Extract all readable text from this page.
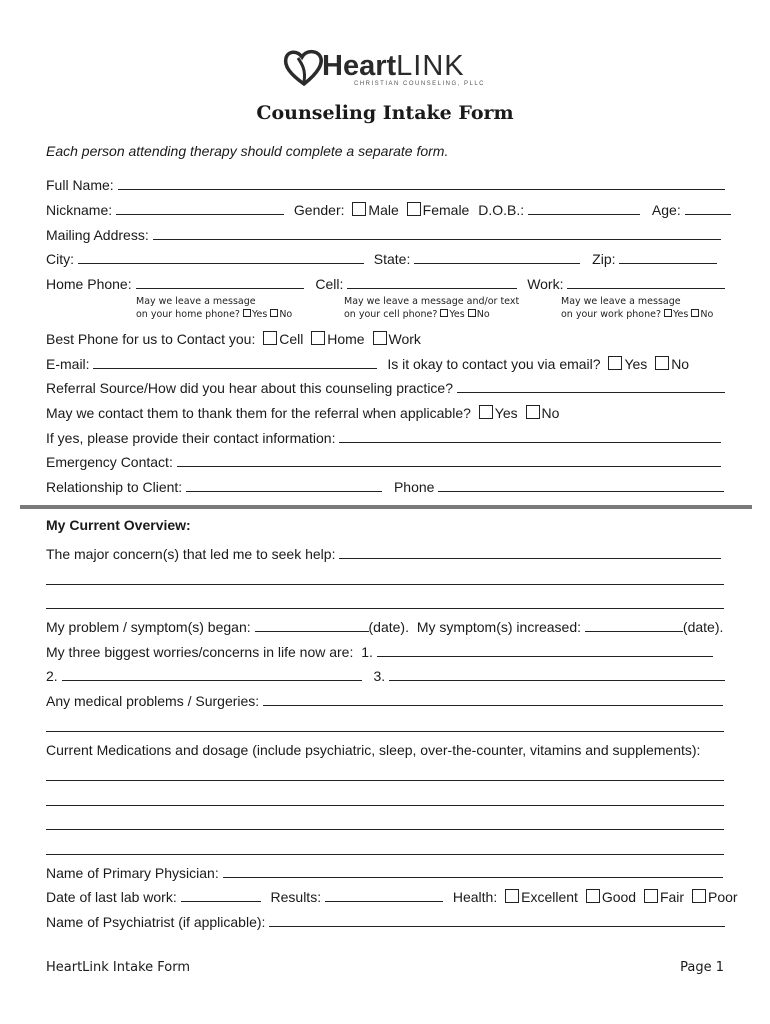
HeartLINK
CHRISTIAN COUNSELING, PLLC
Counseling Intake Form
Each person attending therapy should complete a separate form.
Full Name:
Nickname:	Gender: Male Female D.O.B.:	Age:
Mailing Address:
City:	State:	Zip:
Home Phone:	Cell:	Work:
May we leave a message
on your home phone? Yes No
May we leave a message and/or text
on your cell phone? Yes No
May we leave a message
on your work phone? Yes No
Best Phone for us to Contact you: Cell Home Work
E-mail:	Is it okay to contact you via email? Yes No
Referral Source/How did you hear about this counseling practice?
May we contact them to thank them for the referral when applicable? Yes No
If yes, please provide their contact information:
Emergency Contact:
Relationship to Client:	Phone
My Current Overview:
The major concern(s) that led me to seek help:
My problem / symptom(s) began:	(date). My symptom(s) increased:	(date).
My three biggest worries/concerns in life now are: 1.
2.	3.
Any medical problems / Surgeries:
Current Medications and dosage (include psychiatric, sleep, over-the-counter, vitamins and supplements):
Name of Primary Physician:
Date of last lab work:	Results:	Health: Excellent Good Fair Poor
Name of Psychiatrist (if applicable):
HeartLink Intake Form	Page 1
